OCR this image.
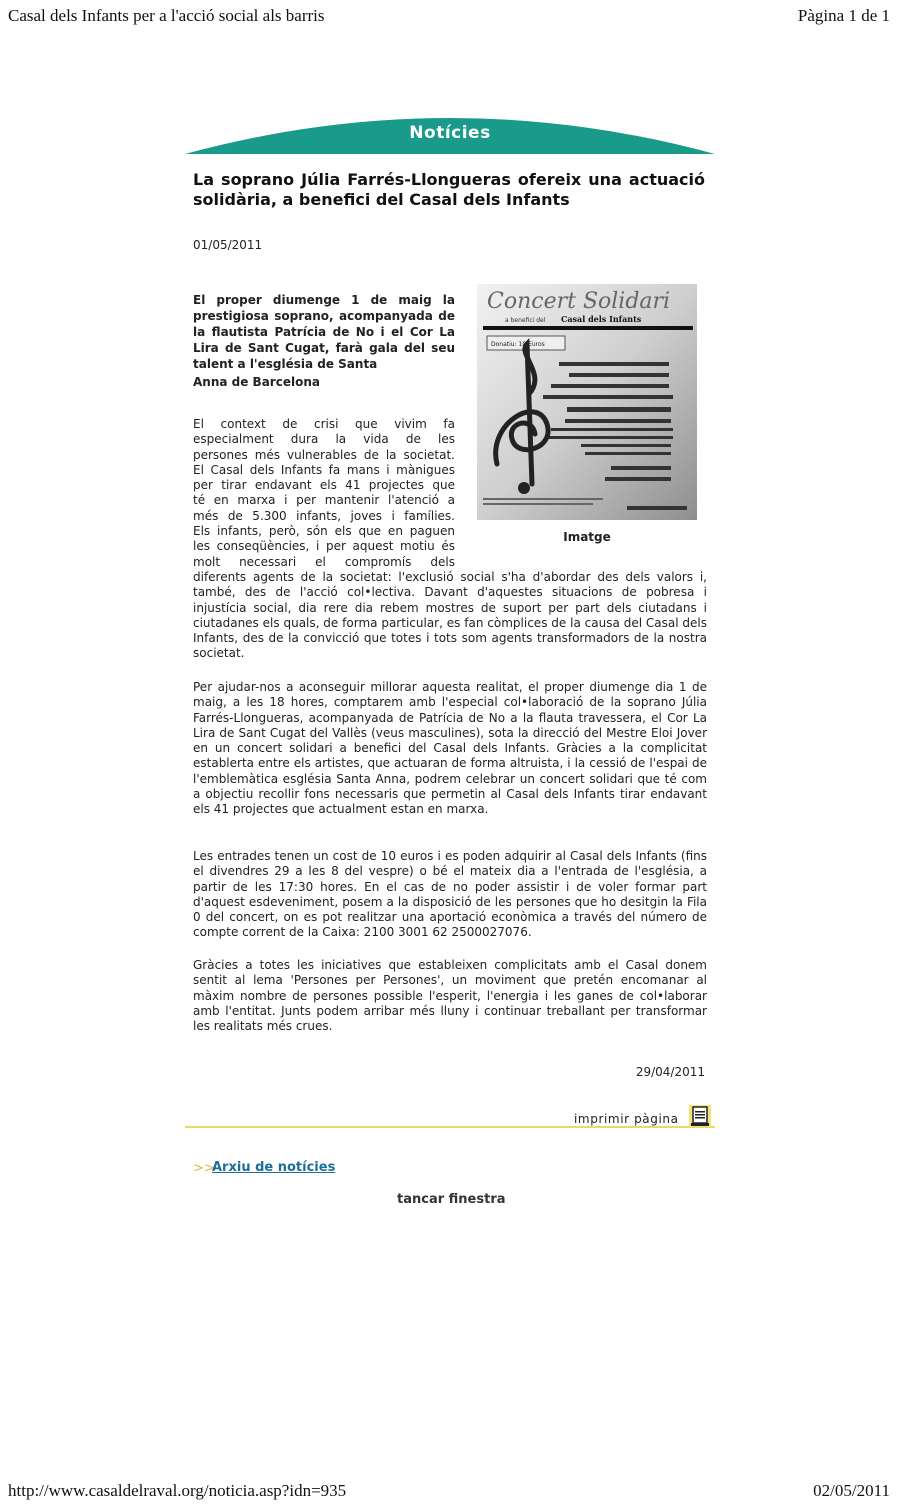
Casal dels Infants per a l'acció social als barris	Pàgina 1 de 1
Notícies
La soprano Júlia Farrés-Llongueras ofereix una actuació solidària, a benefici del Casal dels Infants
01/05/2011

El proper diumenge 1 de maig la prestigiosa soprano, acompanyada de la flautista Patrícia de No i el Cor La Lira de Sant Cugat, farà gala del seu talent a l'església de Santa

Anna de Barcelona
Concert Solidari
a benefici del Casal dels Infants
Donatiu: 10 Euros
Imatge
El context de crisi que vivim fa
especialment dura la vida de les
persones més vulnerables de la societat.
El Casal dels Infants fa mans i mànigues
per tirar endavant els 41 projectes que
té en marxa i per mantenir l'atenció a
més de 5.300 infants, joves i famílies.
Els infants, però, són els que en paguen
les conseqüències, i per aquest motiu és
molt necessari el compromís dels

diferents agents de la societat: l'exclusió social s'ha d'abordar des dels valors i, també, des de l'acció col•lectiva. Davant d'aquestes situacions de pobresa i injustícia social, dia rere dia rebem mostres de suport per part dels ciutadans i ciutadanes els quals, de forma particular, es fan còmplices de la causa del Casal dels Infants, des de la convicció que totes i tots som agents transformadors de la nostra societat.

Per ajudar-nos a aconseguir millorar aquesta realitat, el proper diumenge dia 1 de maig, a les 18 hores, comptarem amb l'especial col•laboració de la soprano Júlia Farrés-Llongueras, acompanyada de Patrícia de No a la flauta travessera, el Cor La Lira de Sant Cugat del Vallès (veus masculines), sota la direcció del Mestre Eloi Jover en un concert solidari a benefici del Casal dels Infants. Gràcies a la complicitat establerta entre els artistes, que actuaran de forma altruista, i la cessió de l'espai de l'emblemàtica església Santa Anna, podrem celebrar un concert solidari que té com a objectiu recollir fons necessaris que permetin al Casal dels Infants tirar endavant els 41 projectes que actualment estan en marxa.

Les entrades tenen un cost de 10 euros i es poden adquirir al Casal dels Infants (fins el divendres 29 a les 8 del vespre) o bé el mateix dia a l'entrada de l'església, a partir de les 17:30 hores. En el cas de no poder assistir i de voler formar part d'aquest esdeveniment, posem a la disposició de les persones que ho desitgin la Fila 0 del concert, on es pot realitzar una aportació econòmica a través del número de compte corrent de la Caixa: 2100 3001 62 2500027076.

Gràcies a totes les iniciatives que estableixen complicitats amb el Casal donem sentit al lema 'Persones per Persones', un moviment que pretén encomanar al màxim nombre de persones possible l'esperit, l'energia i les ganes de col•laborar amb l'entitat. Junts podem arribar més lluny i continuar treballant per transformar les realitats més crues.

29/04/2011
imprimir pàgina
>>
Arxiu de notícies
tancar finestra
http://www.casaldelraval.org/noticia.asp?idn=935	02/05/2011
